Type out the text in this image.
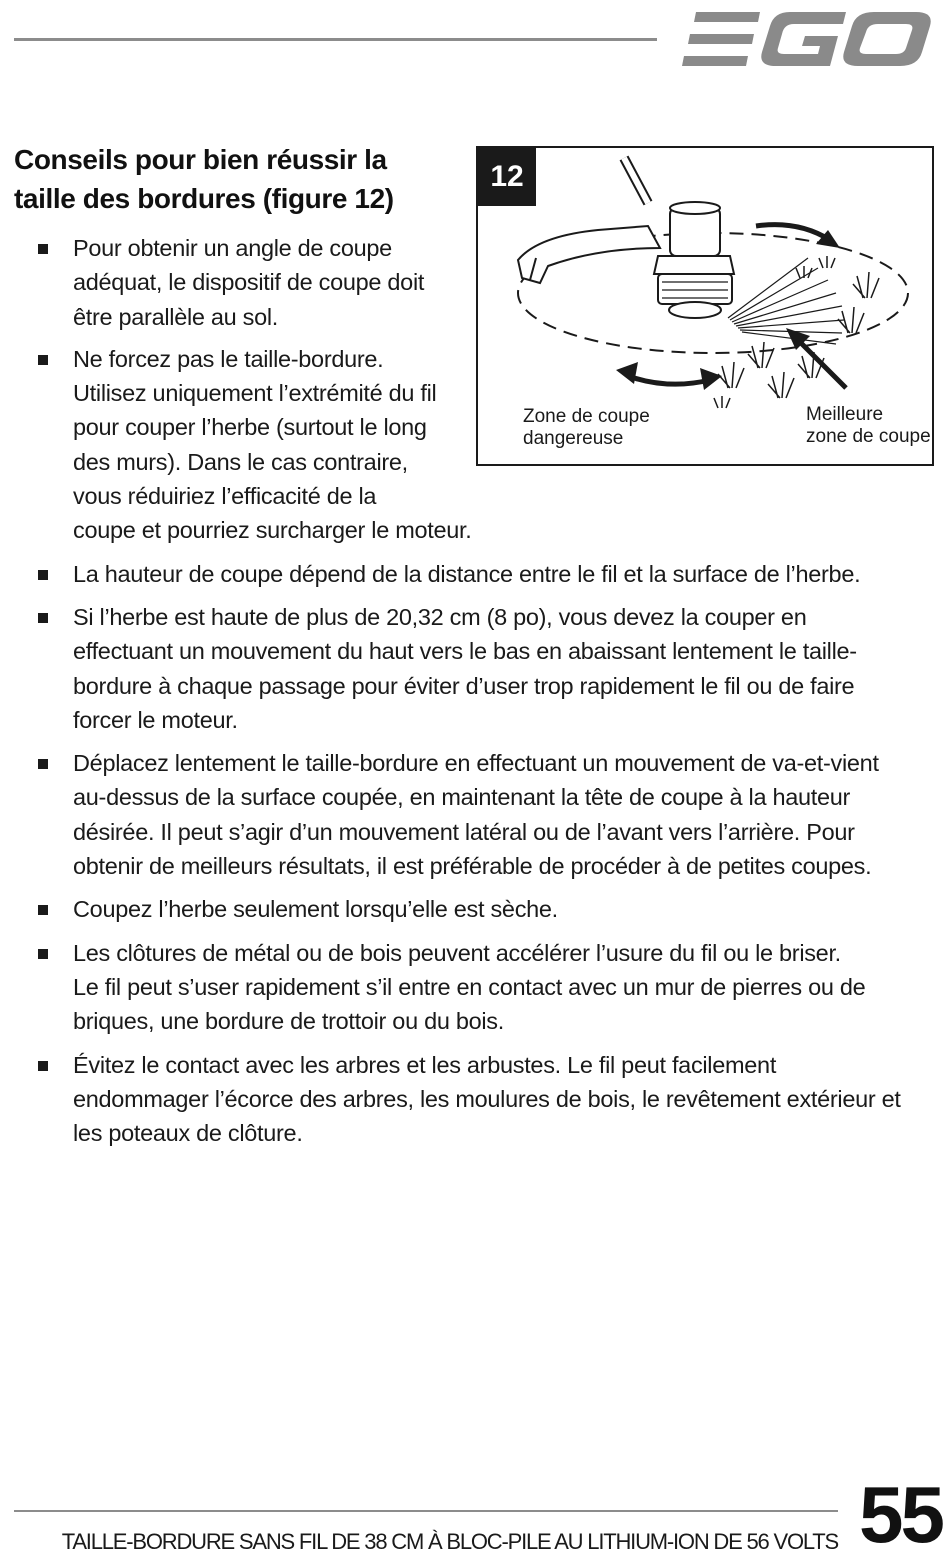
Conseils pour bien réussir la
taille des bordures (figure 12)
Pour obtenir un angle de coupe
adéquat, le dispositif de coupe doit
être parallèle au sol.
Ne forcez pas le taille-bordure.
Utilisez uniquement l’extrémité du fil
pour couper l’herbe (surtout le long
des murs). Dans le cas contraire,
vous réduiriez l’efficacité de la
coupe et pourriez surcharger le moteur.
La hauteur de coupe dépend de la distance entre le fil et la surface de l’herbe.
Si l’herbe est haute de plus de 20,32 cm (8 po), vous devez la couper en
effectuant un mouvement du haut vers le bas en abaissant lentement le taille-
bordure à chaque passage pour éviter d’user trop rapidement le fil ou de faire
forcer le moteur.
Déplacez lentement le taille-bordure en effectuant un mouvement de va-et-vient
au-dessus de la surface coupée, en maintenant la tête de coupe à la hauteur
désirée. Il peut s’agir d’un mouvement latéral ou de l’avant vers l’arrière. Pour
obtenir de meilleurs résultats, il est préférable de procéder à de petites coupes.
Coupez l’herbe seulement lorsqu’elle est sèche.
Les clôtures de métal ou de bois peuvent accélérer l’usure du fil ou le briser.
Le fil peut s’user rapidement s’il entre en contact avec un mur de pierres ou de
briques, une bordure de trottoir ou du bois.
Évitez le contact avec les arbres et les arbustes. Le fil peut facilement
endommager l’écorce des arbres, les moulures de bois, le revêtement extérieur et
les poteaux de clôture.
12
Zone de coupe
dangereuse
Meilleure
zone de coupe
TAILLE-BORDURE SANS FIL DE 38 CM À BLOC-PILE AU LITHIUM-ION DE 56 VOLTS 55
